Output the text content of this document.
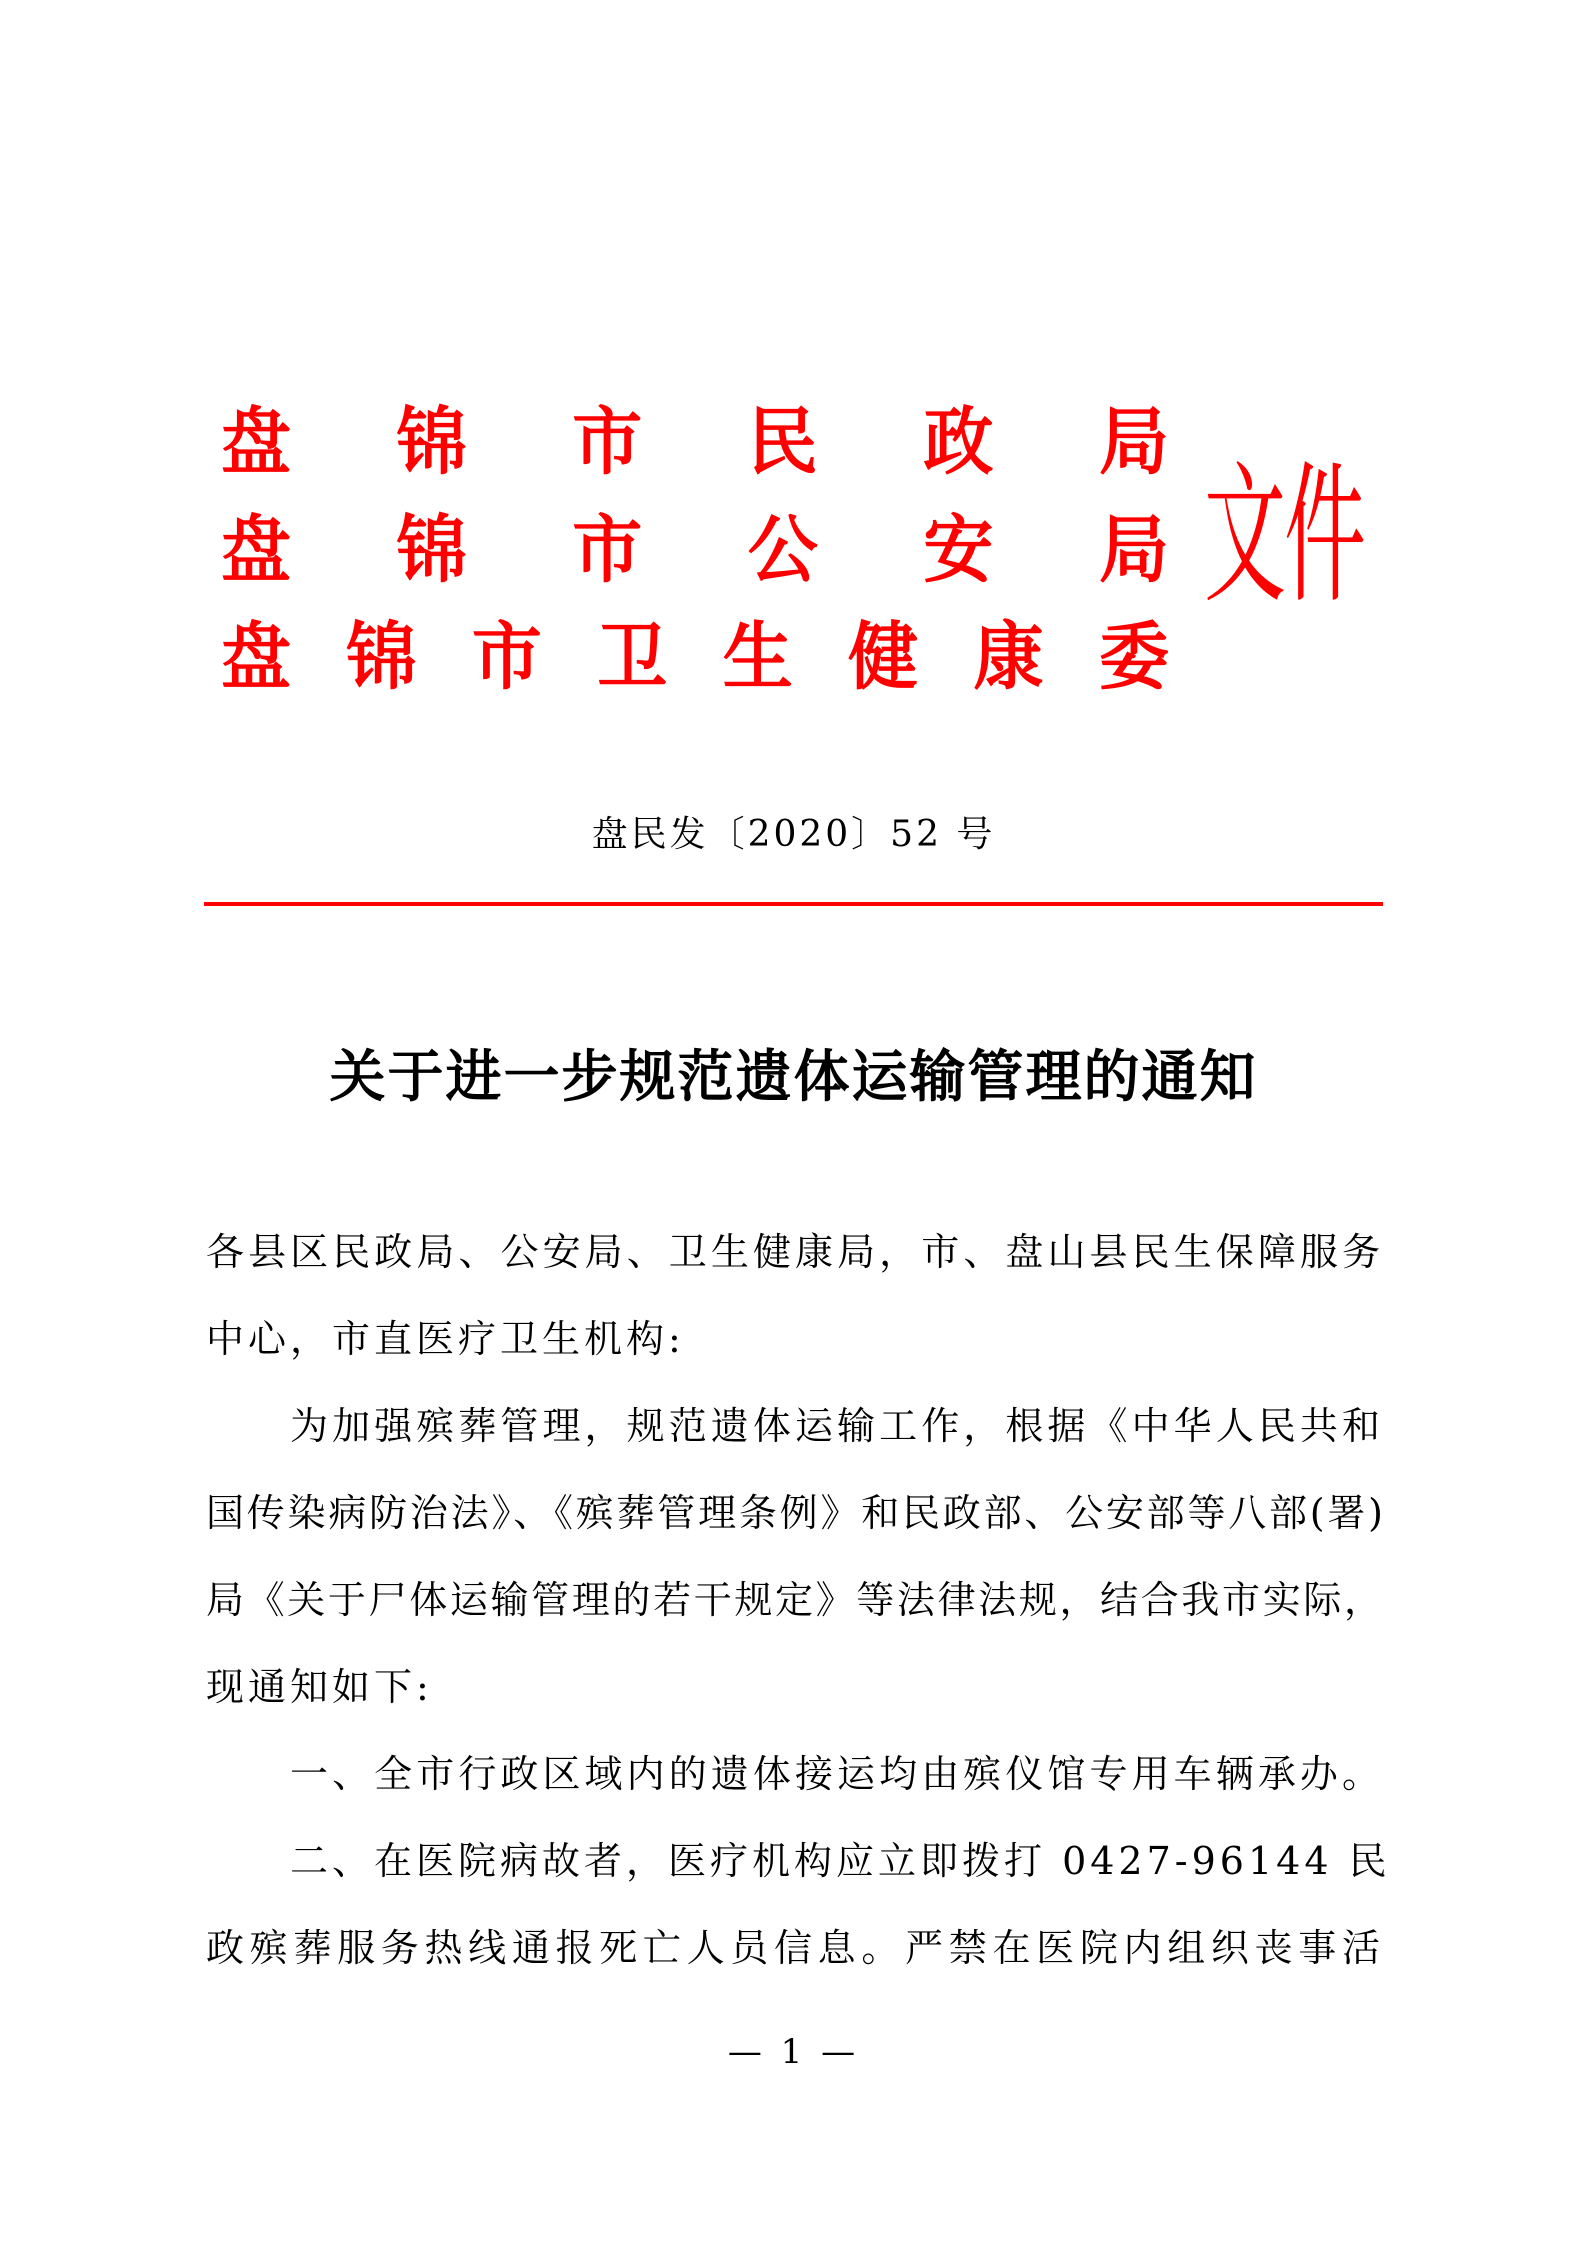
盘 锦 市 民 政 局
盘 锦 市 公 安 局
盘 锦 市 卫 生 健 康 委
文 件
盘民发〔2020〕52 号
关于进一步规范遗体运输管理的通知
各县区民政局、公安局、卫生健康局，市、盘山县民生保障服务
中心，市直医疗卫生机构:
为加强殡葬管理，规范遗体运输工作，根据《中华人民共和
国传染病防治法》、《殡葬管理条例》和民政部、公安部等八部(署)
局《关于尸体运输管理的若干规定》等法律法规，结合我市实际，
现通知如下:
一、全市行政区域内的遗体接运均由殡仪馆专用车辆承办。
二、在医院病故者，医疗机构应立即拨打 0427-96144 民
政殡葬服务热线通报死亡人员信息。严禁在医院内组织丧事活
— 1 —
